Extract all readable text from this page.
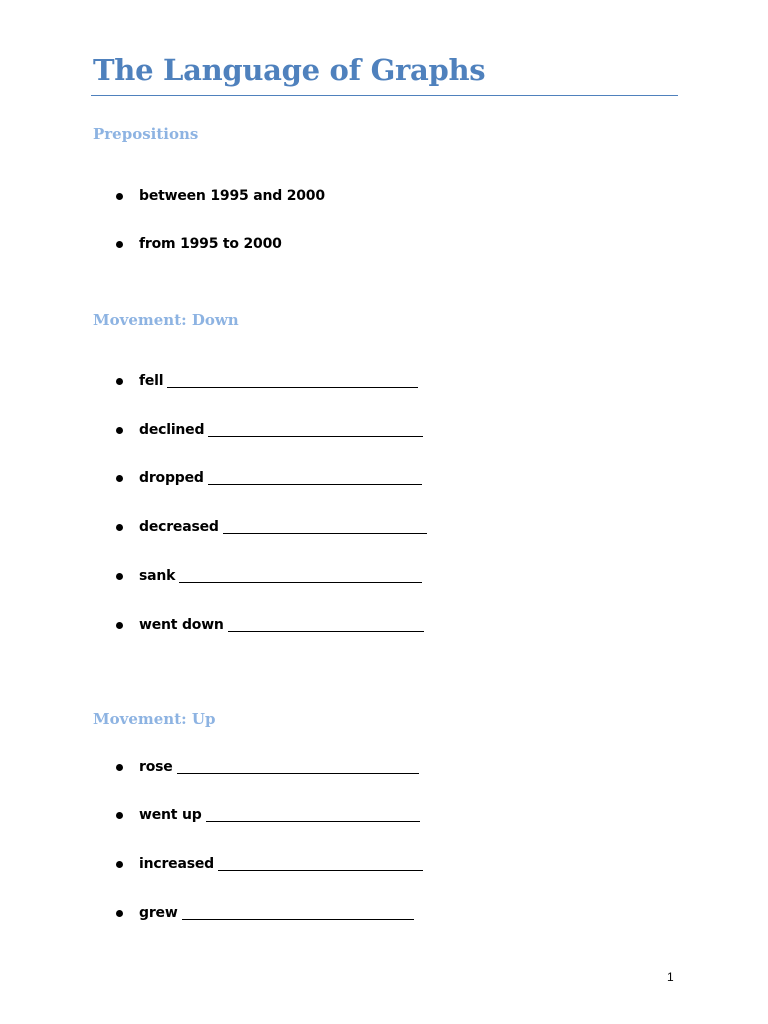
The Language of Graphs
Prepositions
between 1995 and 2000
from 1995 to 2000
Movement: Down
fell
declined
dropped
decreased
sank
went down
Movement: Up
rose
went up
increased
grew
1
